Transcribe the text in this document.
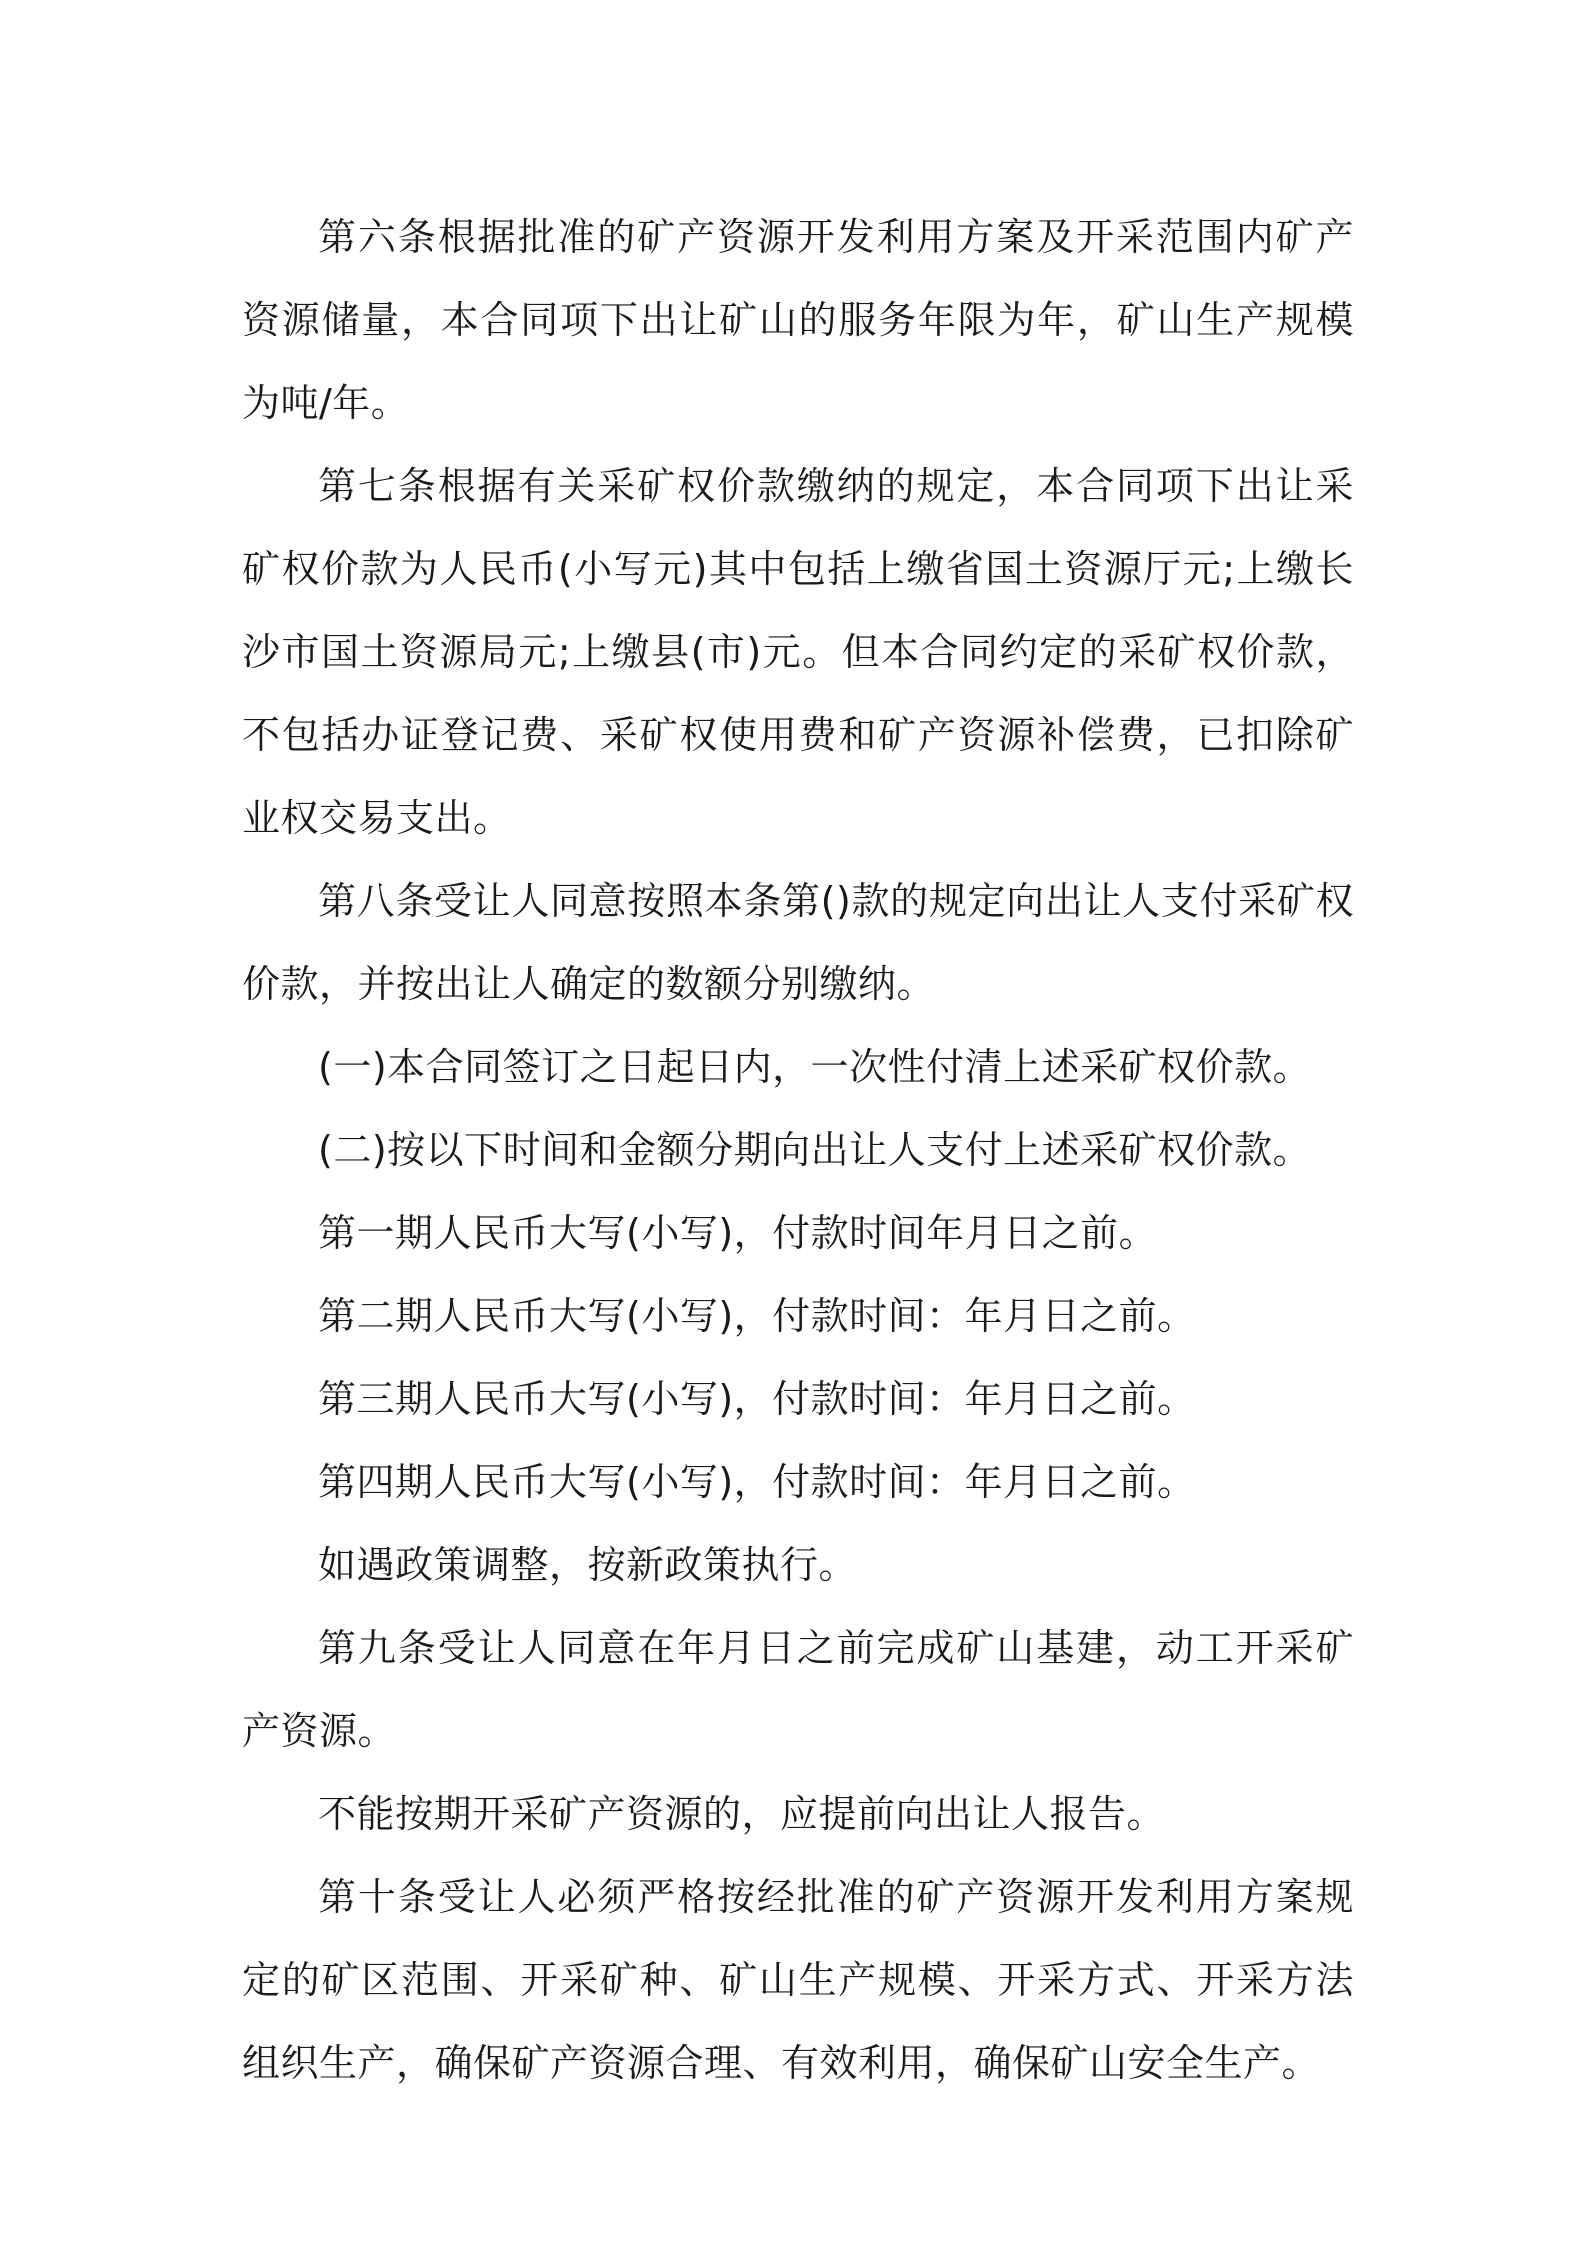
第六条根据批准的矿产资源开发利用方案及开采范围内矿产资源储量，本合同项下出让矿山的服务年限为年，矿山生产规模为吨/年。

第七条根据有关采矿权价款缴纳的规定，本合同项下出让采矿权价款为人民币(小写元)其中包括上缴省国土资源厅元;上缴长沙市国土资源局元;上缴县(市)元。但本合同约定的采矿权价款，不包括办证登记费、采矿权使用费和矿产资源补偿费，已扣除矿业权交易支出。

第八条受让人同意按照本条第()款的规定向出让人支付采矿权价款，并按出让人确定的数额分别缴纳。

(一)本合同签订之日起日内，一次性付清上述采矿权价款。

(二)按以下时间和金额分期向出让人支付上述采矿权价款。

第一期人民币大写(小写)，付款时间年月日之前。

第二期人民币大写(小写)，付款时间：年月日之前。

第三期人民币大写(小写)，付款时间：年月日之前。

第四期人民币大写(小写)，付款时间：年月日之前。

如遇政策调整，按新政策执行。

第九条受让人同意在年月日之前完成矿山基建，动工开采矿产资源。

不能按期开采矿产资源的，应提前向出让人报告。

第十条受让人必须严格按经批准的矿产资源开发利用方案规定的矿区范围、开采矿种、矿山生产规模、开采方式、开采方法组织生产，确保矿产资源合理、有效利用，确保矿山安全生产。
